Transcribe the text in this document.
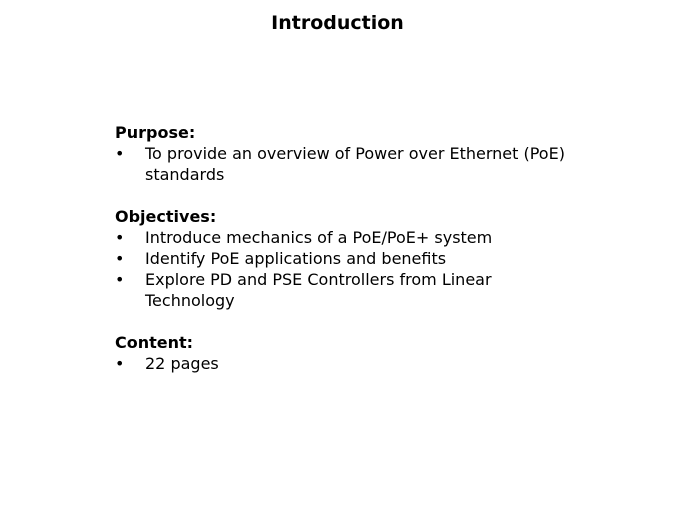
Introduction
Purpose:
• To provide an overview of Power over Ethernet (PoE) standards
Objectives:
• Introduce mechanics of a PoE/PoE+ system
• Identify PoE applications and benefits
• Explore PD and PSE Controllers from Linear Technology
Content:
• 22 pages
